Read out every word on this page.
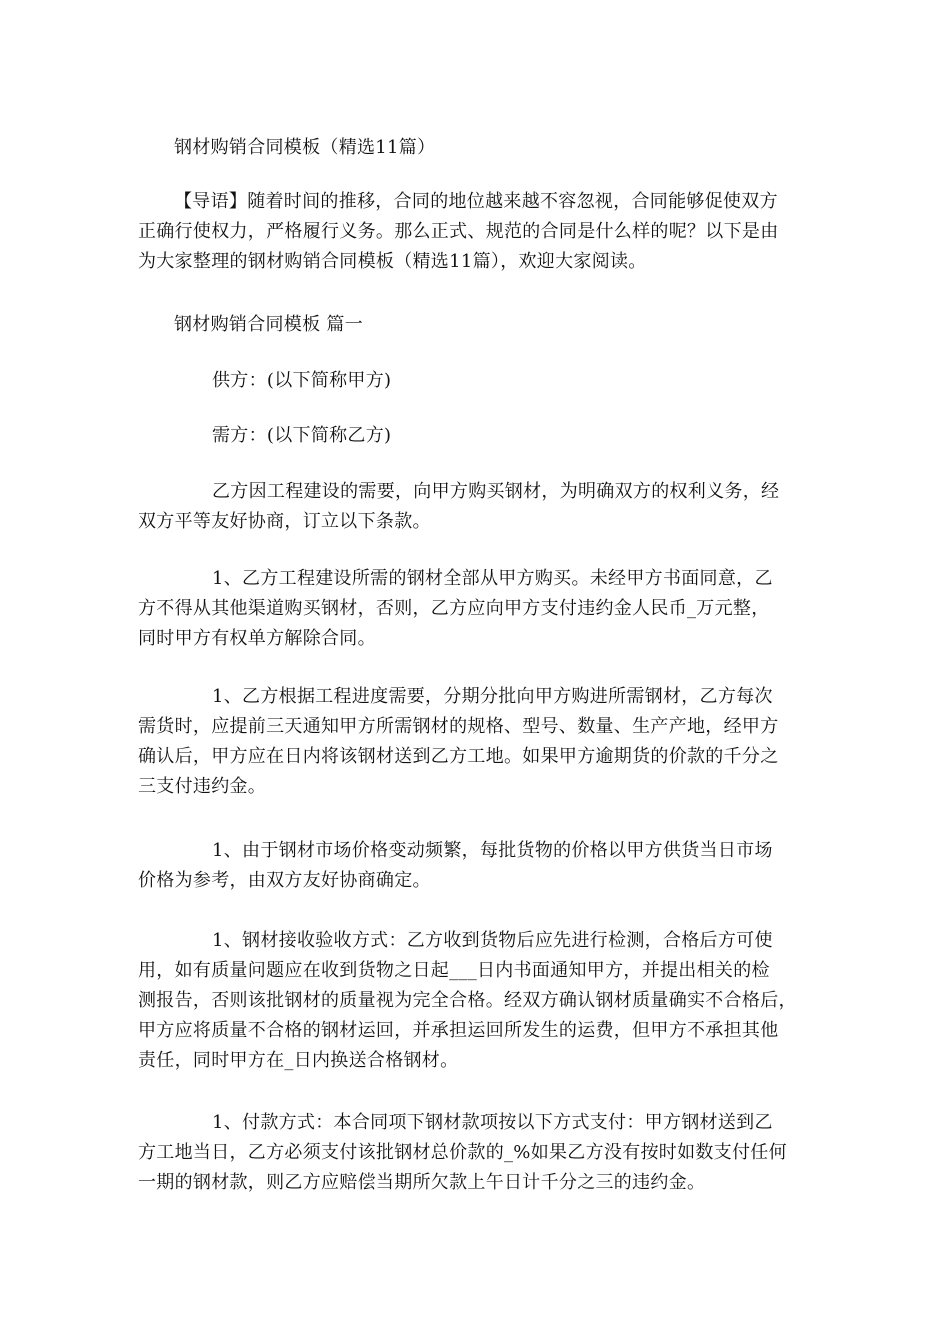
钢材购销合同模板（精选11篇）

【导语】随着时间的推移，合同的地位越来越不容忽视，合同能够促使双方
正确行使权力，严格履行义务。那么正式、规范的合同是什么样的呢？以下是由
为大家整理的钢材购销合同模板（精选11篇），欢迎大家阅读。

钢材购销合同模板 篇一

供方：(以下简称甲方)

需方：(以下简称乙方)

乙方因工程建设的需要，向甲方购买钢材，为明确双方的权利义务，经
双方平等友好协商，订立以下条款。

1、乙方工程建设所需的钢材全部从甲方购买。未经甲方书面同意，乙
方不得从其他渠道购买钢材，否则，乙方应向甲方支付违约金人民币_万元整，
同时甲方有权单方解除合同。

1、乙方根据工程进度需要，分期分批向甲方购进所需钢材，乙方每次
需货时，应提前三天通知甲方所需钢材的规格、型号、数量、生产产地，经甲方
确认后，甲方应在日内将该钢材送到乙方工地。如果甲方逾期货的价款的千分之
三支付违约金。

1、由于钢材市场价格变动频繁，每批货物的价格以甲方供货当日市场
价格为参考，由双方友好协商确定。

1、钢材接收验收方式：乙方收到货物后应先进行检测，合格后方可使
用，如有质量问题应在收到货物之日起___日内书面通知甲方，并提出相关的检
测报告，否则该批钢材的质量视为完全合格。经双方确认钢材质量确实不合格后，
甲方应将质量不合格的钢材运回，并承担运回所发生的运费，但甲方不承担其他
责任，同时甲方在_日内换送合格钢材。

1、付款方式：本合同项下钢材款项按以下方式支付：甲方钢材送到乙
方工地当日，乙方必须支付该批钢材总价款的_%如果乙方没有按时如数支付任何
一期的钢材款，则乙方应赔偿当期所欠款上午日计千分之三的违约金。
